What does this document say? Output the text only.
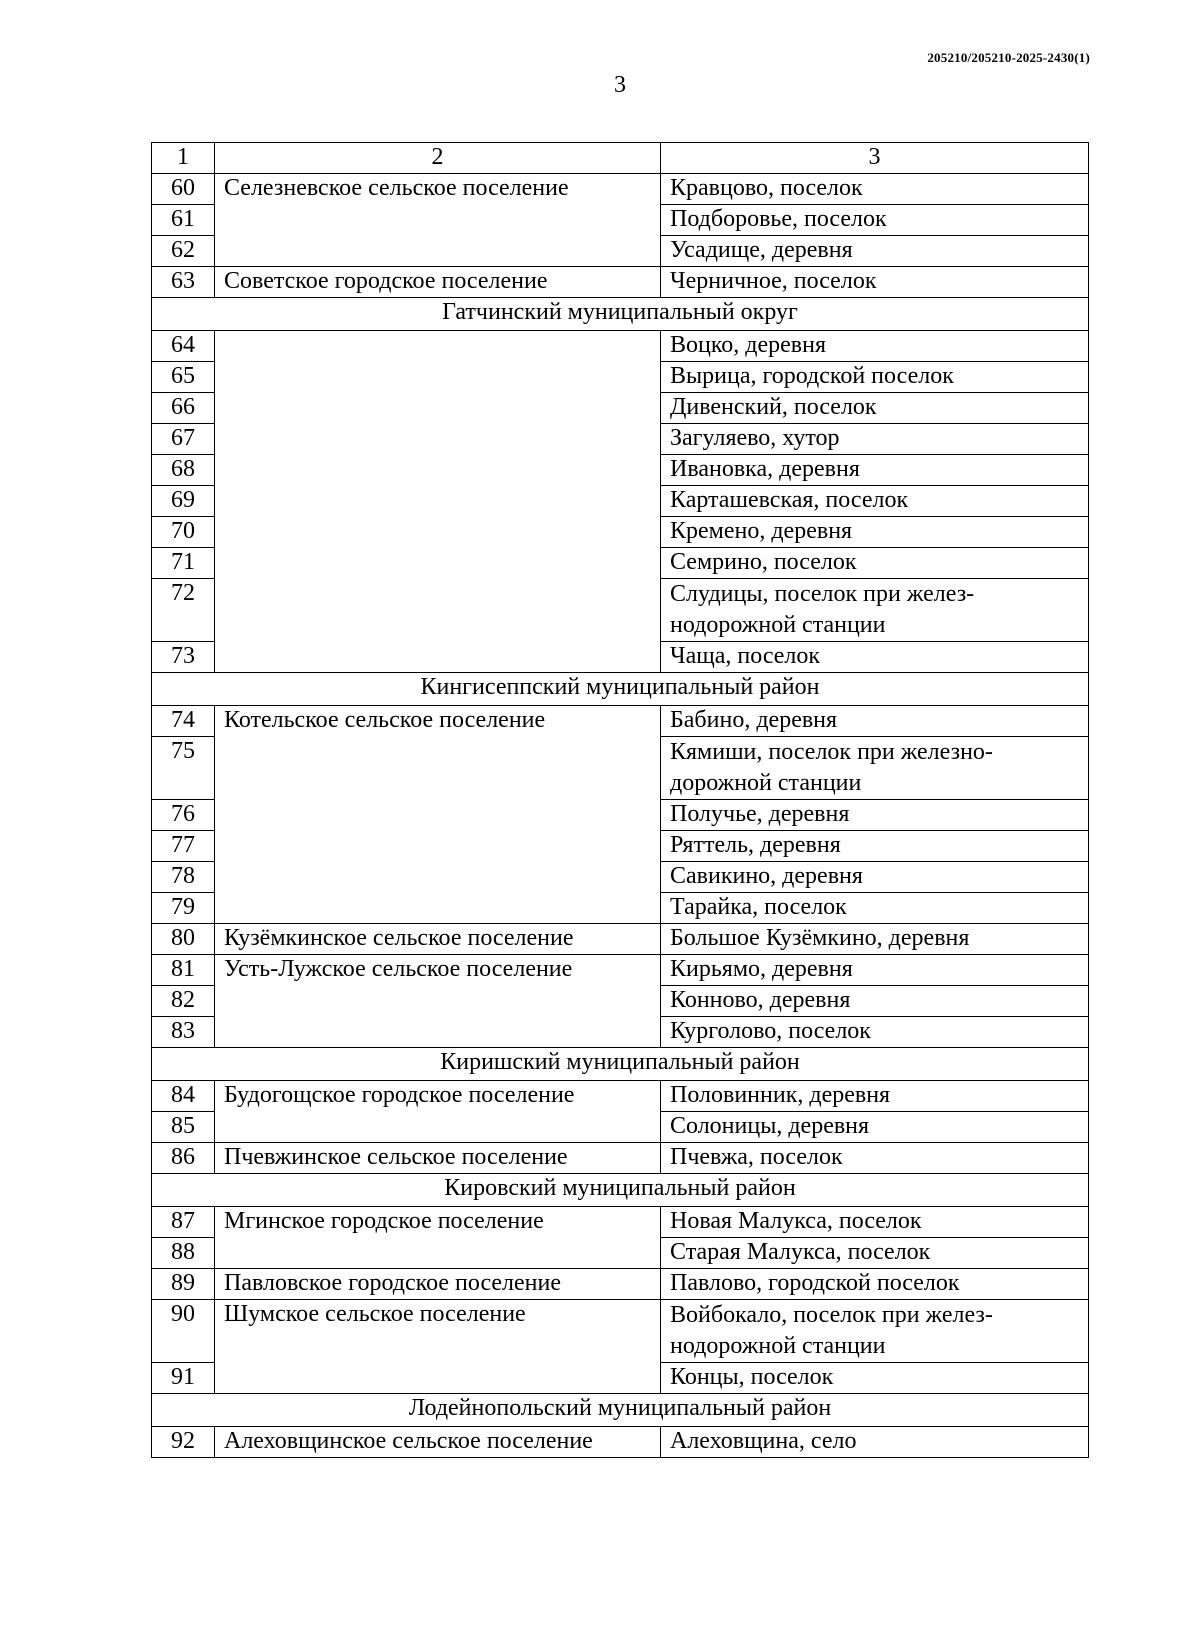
205210/205210-2025-2430(1)
3
1	2	3
60	Селезневское сельское поселение	Кравцово, поселок
61		Подборовье, поселок
62		Усадище, деревня
63	Советское городское поселение	Черничное, поселок
Гатчинский муниципальный округ		
64		Воцко, деревня
65		Вырица, городской поселок
66		Дивенский, поселок
67		Загуляево, хутор
68		Ивановка, деревня
69		Карташевская, поселок
70		Кремено, деревня
71		Семрино, поселок
72		Слудицы, поселок при желез-нодорожной станции
73		Чаща, поселок
Кингисеппский муниципальный район		
74	Котельское сельское поселение	Бабино, деревня
75		Кямиши, поселок при железно-дорожной станции
76		Получье, деревня
77		Ряттель, деревня
78		Савикино, деревня
79		Тарайка, поселок
80	Кузёмкинское сельское поселение	Большое Кузёмкино, деревня
81	Усть-Лужское сельское поселение	Кирьямо, деревня
82		Конново, деревня
83		Курголово, поселок
Киришский муниципальный район		
84	Будогощское городское поселение	Половинник, деревня
85		Солоницы, деревня
86	Пчевжинское сельское поселение	Пчевжа, поселок
Кировский муниципальный район		
87	Мгинское городское поселение	Новая Малукса, поселок
88		Старая Малукса, поселок
89	Павловское городское поселение	Павлово, городской поселок
90	Шумское сельское поселение	Войбокало, поселок при желез-нодорожной станции
91		Концы, поселок
Лодейнопольский муниципальный район		
92	Алеховщинское сельское поселение	Алеховщина, село
